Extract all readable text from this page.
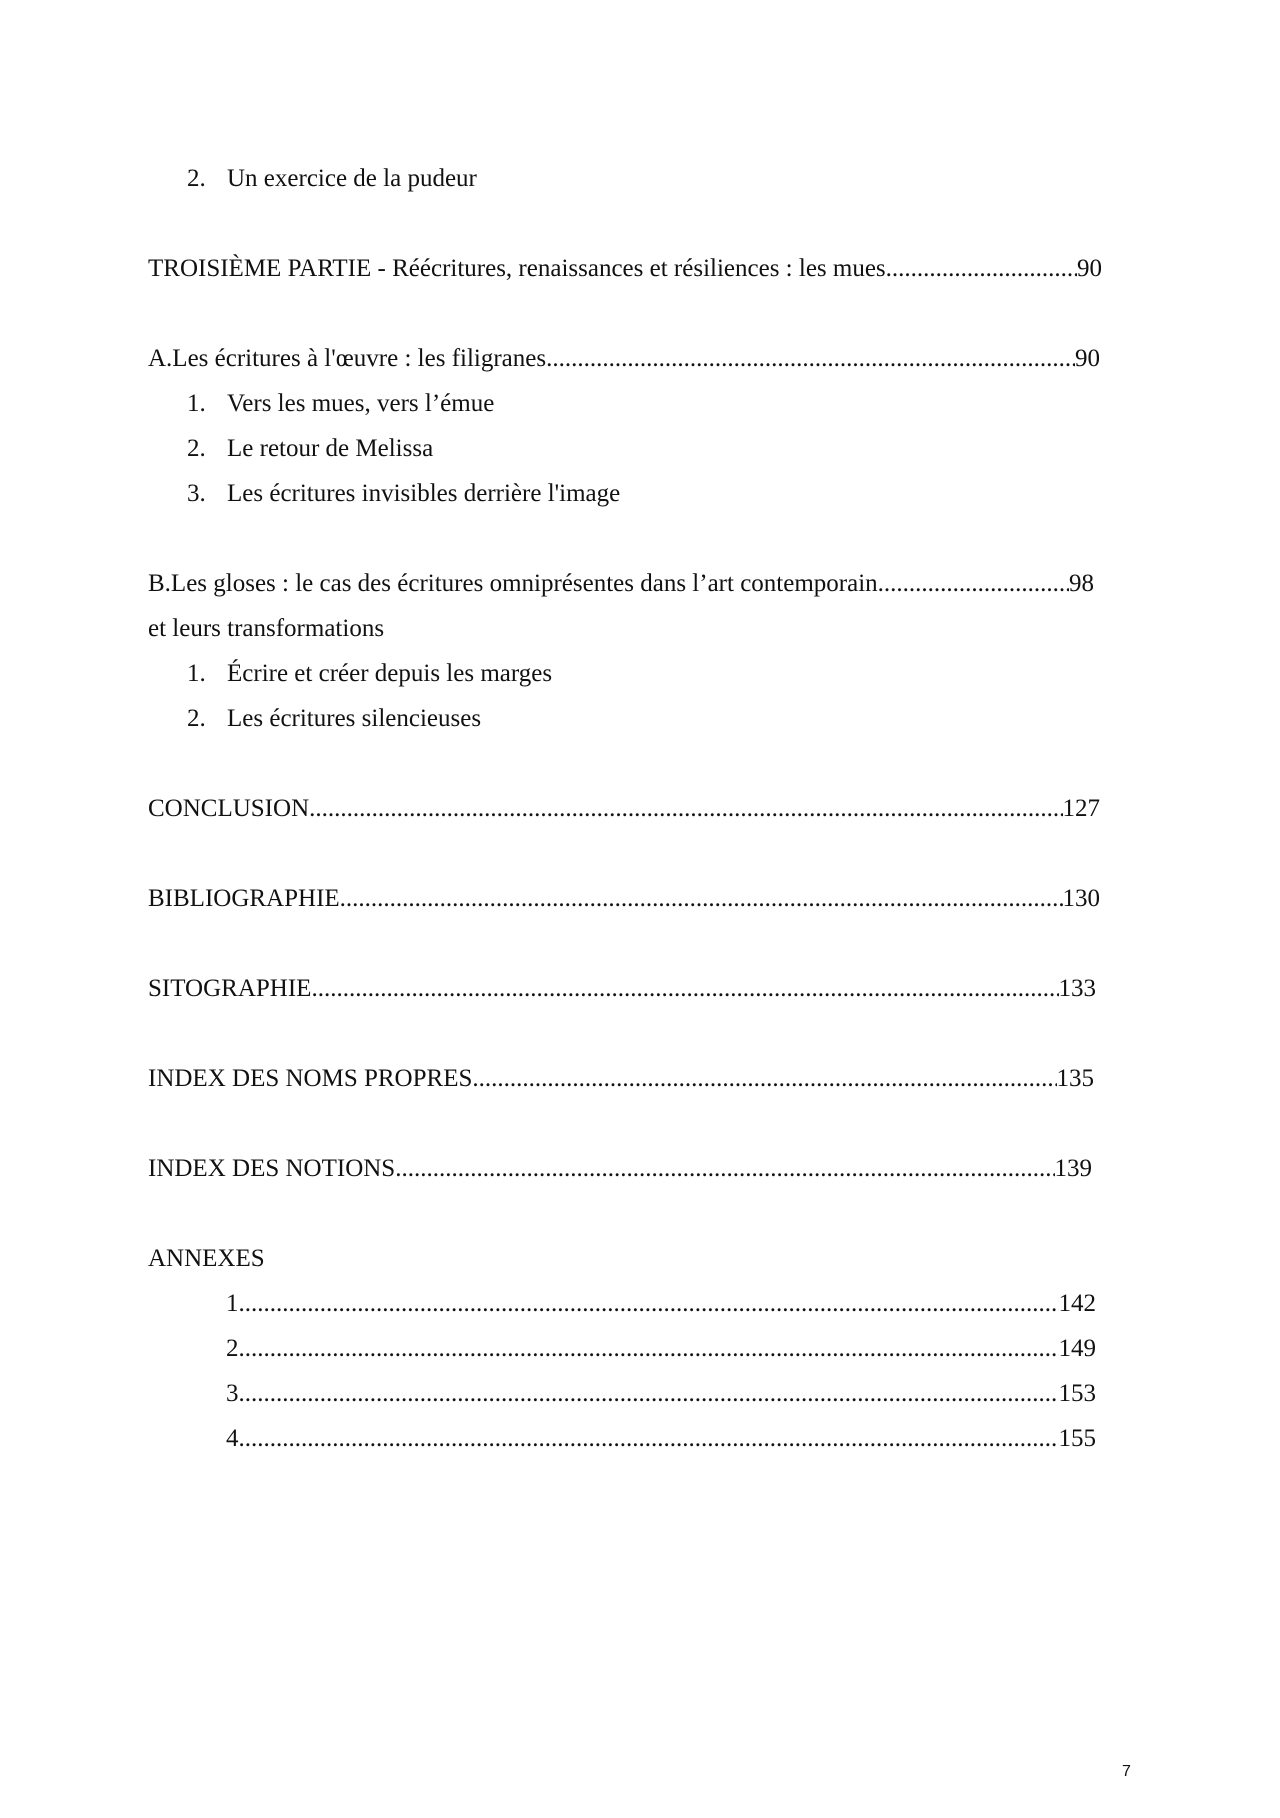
2. Un exercice de la pudeur
TROISIÈME PARTIE - Réécritures, renaissances et résiliences : les mues .....	90
A.Les écritures à l'œuvre : les filigranes .....	90
1. Vers les mues, vers l’émue
2. Le retour de Melissa
3. Les écritures invisibles derrière l'image
B.Les gloses : le cas des écritures omniprésentes dans l’art contemporain .....	98
et leurs transformations
1. Écrire et créer depuis les marges
2. Les écritures silencieuses
CONCLUSION .....	127
BIBLIOGRAPHIE .....	130
SITOGRAPHIE .....	133
INDEX DES NOMS PROPRES .....	135
INDEX DES NOTIONS .....	139
ANNEXES
1 .....	142
2 .....	149
3 .....	153
4 .....	155
7
